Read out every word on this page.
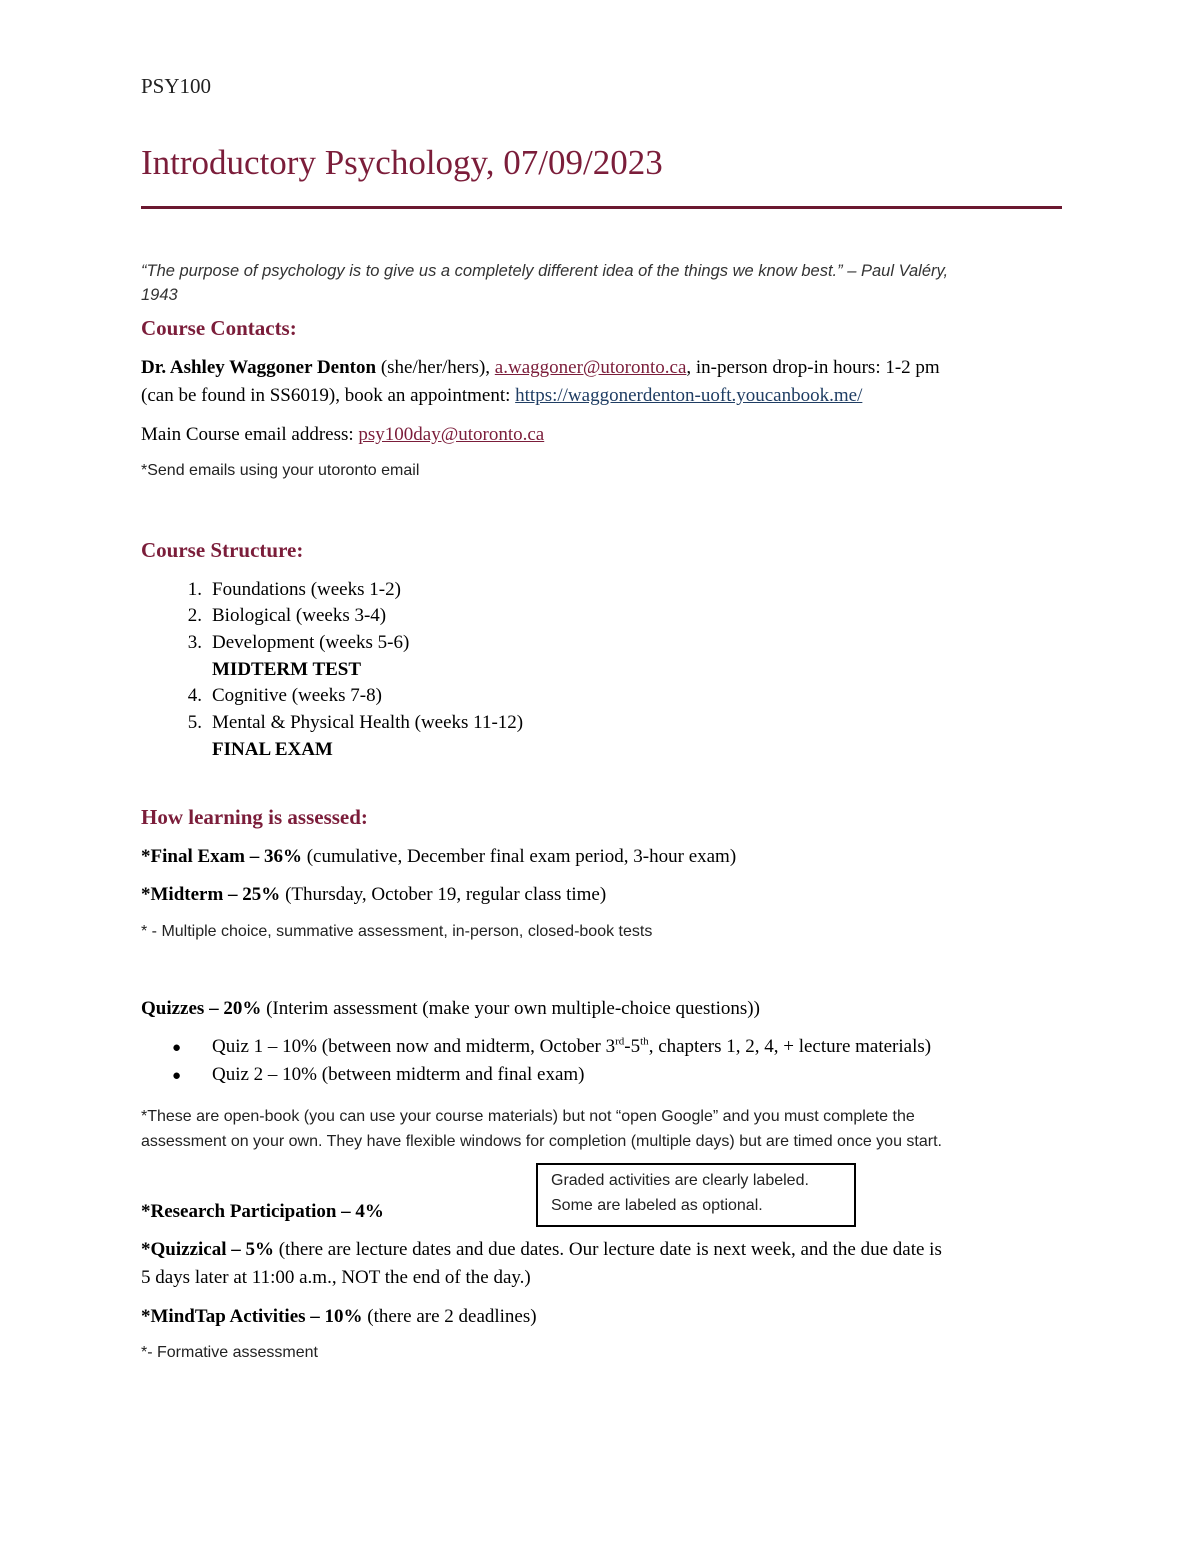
PSY100
Introductory Psychology, 07/09/2023
“The purpose of psychology is to give us a completely different idea of the things we know best.” – Paul Valéry,
1943
Course Contacts:
Dr. Ashley Waggoner Denton (she/her/hers), a.waggoner@utoronto.ca, in-person drop-in hours: 1-2 pm
(can be found in SS6019), book an appointment: https://waggonerdenton-uoft.youcanbook.me/
Main Course email address: psy100day@utoronto.ca
*Send emails using your utoronto email
Course Structure:
1. Foundations (weeks 1-2)
2. Biological (weeks 3-4)
3. Development (weeks 5-6)
MIDTERM TEST
4. Cognitive (weeks 7-8)
5. Mental & Physical Health (weeks 11-12)
FINAL EXAM
How learning is assessed:
*Final Exam – 36% (cumulative, December final exam period, 3-hour exam)
*Midterm – 25% (Thursday, October 19, regular class time)
* - Multiple choice, summative assessment, in-person, closed-book tests
Quizzes – 20% (Interim assessment (make your own multiple-choice questions))
● Quiz 1 – 10% (between now and midterm, October 3rd-5th, chapters 1, 2, 4, + lecture materials)
● Quiz 2 – 10% (between midterm and final exam)
*These are open-book (you can use your course materials) but not “open Google” and you must complete the
assessment on your own. They have flexible windows for completion (multiple days) but are timed once you start.
Graded activities are clearly labeled.
Some are labeled as optional.
*Research Participation – 4%
*Quizzical – 5% (there are lecture dates and due dates. Our lecture date is next week, and the due date is
5 days later at 11:00 a.m., NOT the end of the day.)
*MindTap Activities – 10% (there are 2 deadlines)
*- Formative assessment
